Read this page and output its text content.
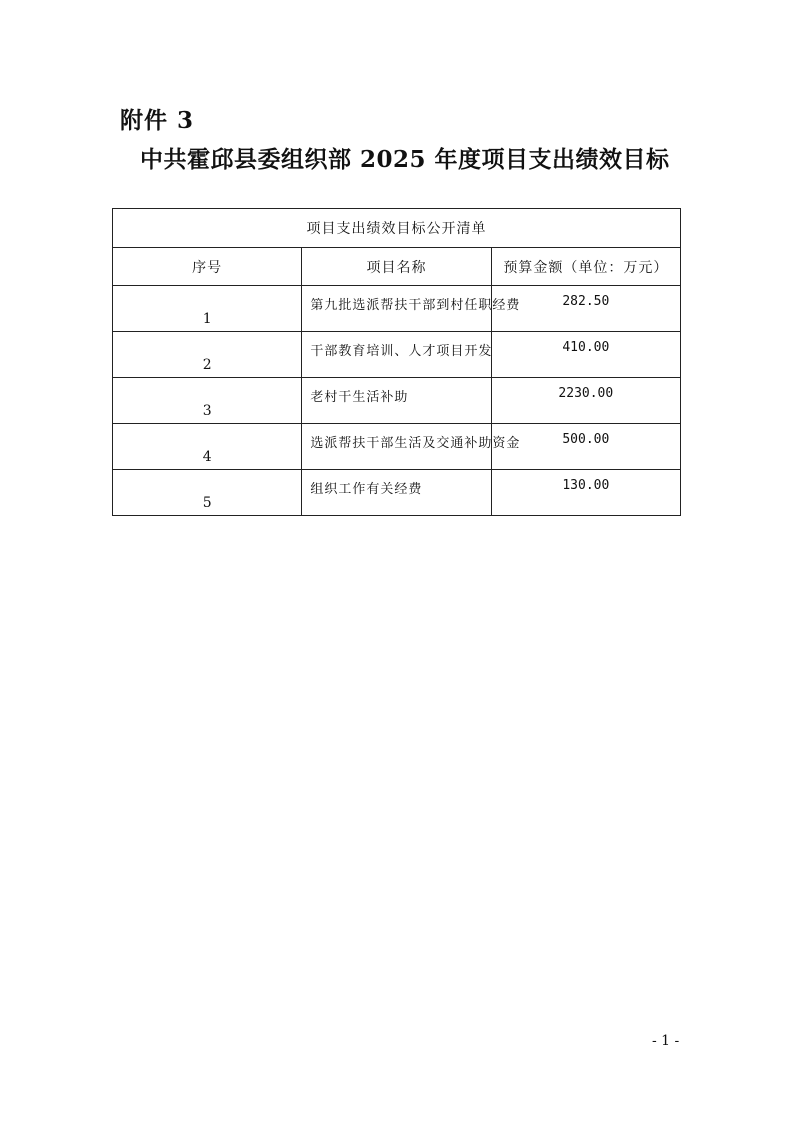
附件 3
中共霍邱县委组织部 2025 年度项目支出绩效目标
项目支出绩效目标公开清单		
序号	项目名称	预算金额（单位：万元）
1	第九批选派帮扶干部到村任职经费	282.50
2	干部教育培训、人才项目开发	410.00
3	老村干生活补助	2230.00
4	选派帮扶干部生活及交通补助资金	500.00
5	组织工作有关经费	130.00
- 1 -
